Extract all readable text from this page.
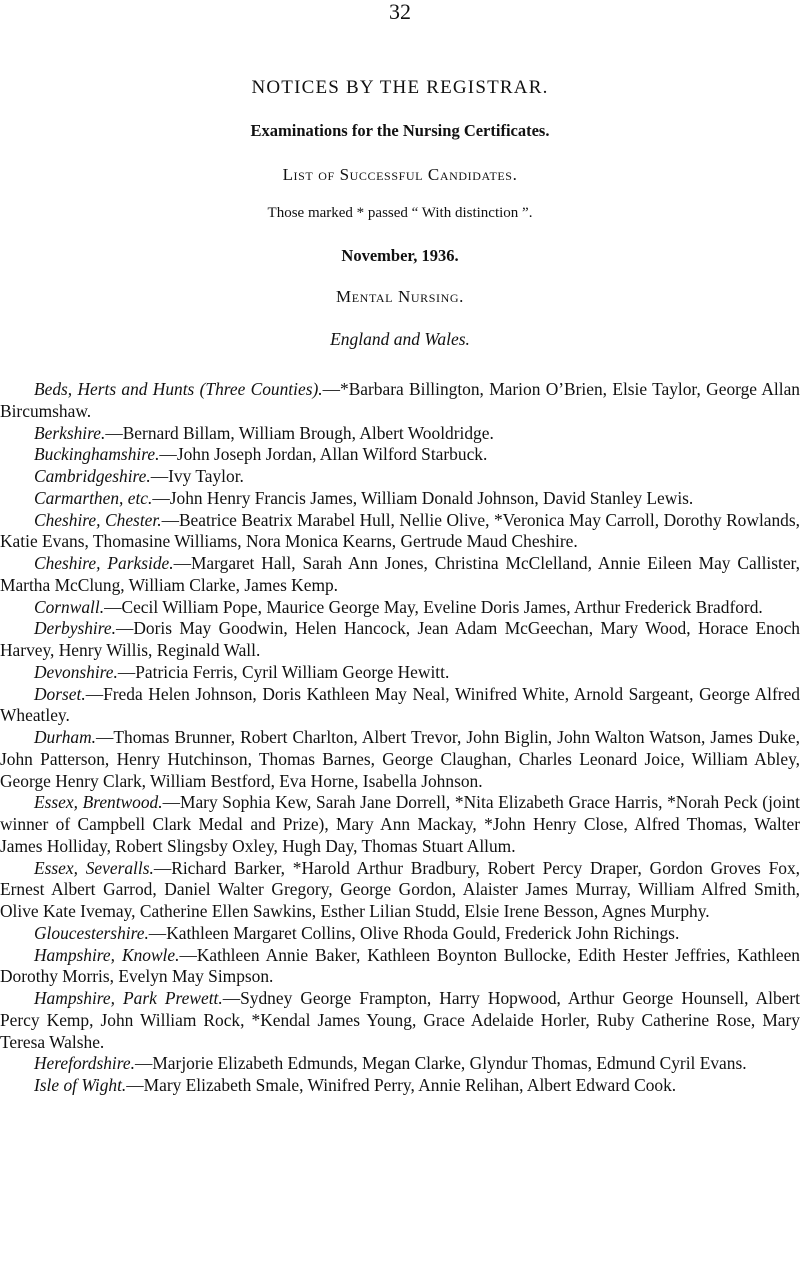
32
NOTICES BY THE REGISTRAR.
Examinations for the Nursing Certificates.
List of Successful Candidates.
Those marked * passed “ With distinction ”.
November, 1936.
Mental Nursing.
England and Wales.

Beds, Herts and Hunts (Three Counties).—*Barbara Billington, Marion O’Brien, Elsie Taylor, George Allan Bircumshaw.

Berkshire.—Bernard Billam, William Brough, Albert Wooldridge.

Buckinghamshire.—John Joseph Jordan, Allan Wilford Starbuck.

Cambridgeshire.—Ivy Taylor.

Carmarthen, etc.—John Henry Francis James, William Donald Johnson, David Stanley Lewis.

Cheshire, Chester.—Beatrice Beatrix Marabel Hull, Nellie Olive, *Veronica May Carroll, Dorothy Rowlands, Katie Evans, Thomasine Williams, Nora Monica Kearns, Gertrude Maud Cheshire.

Cheshire, Parkside.—Margaret Hall, Sarah Ann Jones, Christina McClelland, Annie Eileen May Callister, Martha McClung, William Clarke, James Kemp.

Cornwall.—Cecil William Pope, Maurice George May, Eveline Doris James, Arthur Frederick Bradford.

Derbyshire.—Doris May Goodwin, Helen Hancock, Jean Adam McGeechan, Mary Wood, Horace Enoch Harvey, Henry Willis, Reginald Wall.

Devonshire.—Patricia Ferris, Cyril William George Hewitt.

Dorset.—Freda Helen Johnson, Doris Kathleen May Neal, Winifred White, Arnold Sargeant, George Alfred Wheatley.

Durham.—Thomas Brunner, Robert Charlton, Albert Trevor, John Biglin, John Walton Watson, James Duke, John Patterson, Henry Hutchinson, Thomas Barnes, George Claughan, Charles Leonard Joice, William Abley, George Henry Clark, William Bestford, Eva Horne, Isabella Johnson.

Essex, Brentwood.—Mary Sophia Kew, Sarah Jane Dorrell, *Nita Elizabeth Grace Harris, *Norah Peck (joint winner of Campbell Clark Medal and Prize), Mary Ann Mackay, *John Henry Close, Alfred Thomas, Walter James Holliday, Robert Slingsby Oxley, Hugh Day, Thomas Stuart Allum.

Essex, Severalls.—Richard Barker, *Harold Arthur Bradbury, Robert Percy Draper, Gordon Groves Fox, Ernest Albert Garrod, Daniel Walter Gregory, George Gordon, Alaister James Murray, William Alfred Smith, Olive Kate Ivemay, Catherine Ellen Sawkins, Esther Lilian Studd, Elsie Irene Besson, Agnes Murphy.

Gloucestershire.—Kathleen Margaret Collins, Olive Rhoda Gould, Frederick John Richings.

Hampshire, Knowle.—Kathleen Annie Baker, Kathleen Boynton Bullocke, Edith Hester Jeffries, Kathleen Dorothy Morris, Evelyn May Simpson.

Hampshire, Park Prewett.—Sydney George Frampton, Harry Hopwood, Arthur George Hounsell, Albert Percy Kemp, John William Rock, *Kendal James Young, Grace Adelaide Horler, Ruby Catherine Rose, Mary Teresa Walshe.

Herefordshire.—Marjorie Elizabeth Edmunds, Megan Clarke, Glyndur Thomas, Edmund Cyril Evans.

Isle of Wight.—Mary Elizabeth Smale, Winifred Perry, Annie Relihan, Albert Edward Cook.
